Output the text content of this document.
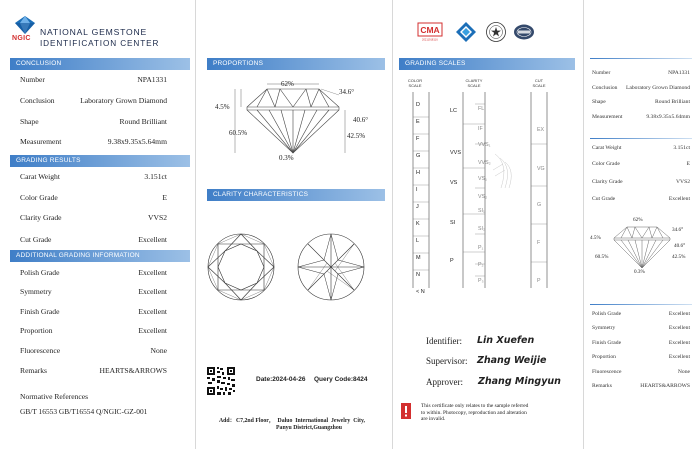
NGIC
NATIONAL GEMSTONE
IDENTIFICATION CENTER
CONCLUSION
Number	NPA1331
Conclusion	Laboratory Grown Diamond
Shape	Round Brilliant
Measurement	9.38x9.35x5.64mm
GRADING RESULTS
Carat Weight	3.151ct
Color Grade	E
Clarity Grade	VVS2
Cut Grade	Excellent
ADDITIONAL GRADING INFORMATION
Polish Grade	Excellent
Symmetry	Excellent
Finish Grade	Excellent
Proportion	Excellent
Fluorescence	None
Remarks	HEARTS&ARROWS
Normative References
GB/T 16553 GB/T16554 Q/NGIC-GZ-001
PROPORTIONS
62%
34.6°
4.5%
40.6°
60.5%	42.5%
0.3%
CLARITY CHARACTERISTICS
Date:2024-04-26 Query Code:8424
Add： C7,2nd Floor，  Daluo  International  Jewelry  City,
Panyu District,Guangzhou
CMA
2021191811U
GRADING SCALES
COLOR
SCALE
CLARITY
SCALE
CUT
SCALE
D
E
F
G
H
I
J
K
L
M
N
< N
LC	FL
IF
VVS
VVS₁
VVS₂
VS
VS₁
VS₂
SI
SI₁
SI₂
P
P₁
P₂
P₃
EX
VG
G
F
P
Identifier: Lin Xuefen
Supervisor: Zhang Weijie
Approver: Zhang Mingyun
This certificate only relates to the sample referred
to within. Photocopy, reproduction and alteration
are invalid.
Number	NPA1331
Conclusion Laboratory Grown Diamond
Shape	Round Brilliant
Measurement	9.38x9.35x5.64mm
Carat Weight	3.151ct
Color Grade	E
Clarity Grade	VVS2
Cut Grade	Excellent
62%
34.6°
4.5%
40.6°
60.5%	42.5%
0.3%
Polish Grade	Excellent
Symmetry	Excellent
Finish Grade	Excellent
Proportion	Excellent
Fluorescence	None
Remarks	HEARTS&ARROWS
